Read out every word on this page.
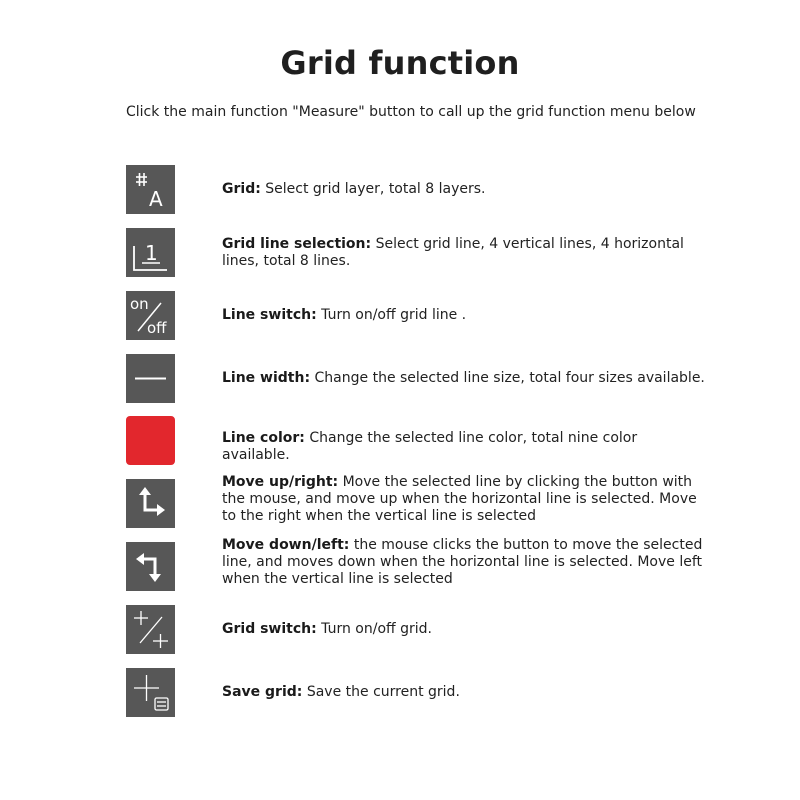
Grid function
Click the main function "Measure" button to call up the grid function menu below
A	Grid: Select grid layer, total 8 layers.
1	Grid line selection: Select grid line, 4 vertical lines, 4 horizontal lines, total 8 lines.
on
off
Line switch: Turn on/off grid line .
Line width: Change the selected line size, total four sizes available.
Line color: Change the selected line color, total nine color available.
Move up/right: Move the selected line by clicking the button with the mouse, and move up when the horizontal line is selected. Move to the right when the vertical line is selected
Move down/left: the mouse clicks the button to move the selected line, and moves down when the horizontal line is selected. Move left when the vertical line is selected
Grid switch: Turn on/off grid.
Save grid: Save the current grid.
